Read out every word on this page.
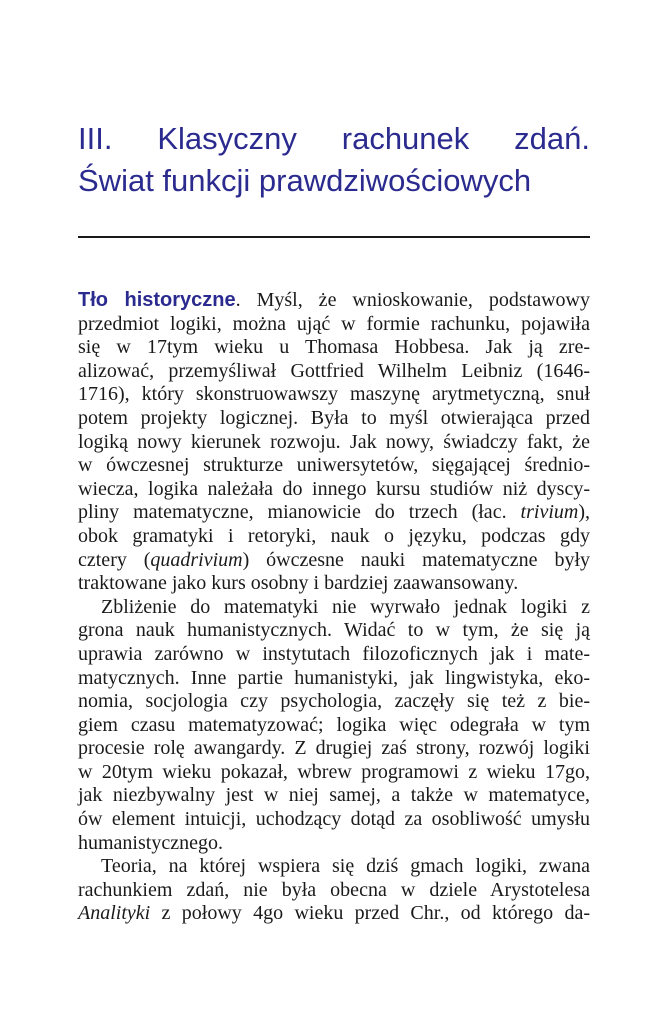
III. Klasyczny rachunek zdań.
Świat funkcji prawdziwościowych
Tło historyczne. Myśl, że wnioskowanie, podstawowy
przedmiot logiki, można ująć w formie rachunku, pojawiła
się w 17tym wieku u Thomasa Hobbesa. Jak ją zre-
alizować, przemyśliwał Gottfried Wilhelm Leibniz (1646-
1716), który skonstruowawszy maszynę arytmetyczną, snuł
potem projekty logicznej. Była to myśl otwierająca przed
logiką nowy kierunek rozwoju. Jak nowy, świadczy fakt, że
w ówczesnej strukturze uniwersytetów, sięgającej średnio-
wiecza, logika należała do innego kursu studiów niż dyscy-
pliny matematyczne, mianowicie do trzech (łac. trivium),
obok gramatyki i retoryki, nauk o języku, podczas gdy
cztery (quadrivium) ówczesne nauki matematyczne były
traktowane jako kurs osobny i bardziej zaawansowany.
Zbliżenie do matematyki nie wyrwało jednak logiki z
grona nauk humanistycznych. Widać to w tym, że się ją
uprawia zarówno w instytutach filozoficznych jak i mate-
matycznych. Inne partie humanistyki, jak lingwistyka, eko-
nomia, socjologia czy psychologia, zaczęły się też z bie-
giem czasu matematyzować; logika więc odegrała w tym
procesie rolę awangardy. Z drugiej zaś strony, rozwój logiki
w 20tym wieku pokazał, wbrew programowi z wieku 17go,
jak niezbywalny jest w niej samej, a także w matematyce,
ów element intuicji, uchodzący dotąd za osobliwość umysłu
humanistycznego.
Teoria, na której wspiera się dziś gmach logiki, zwana
rachunkiem zdań, nie była obecna w dziele Arystotelesa
Analityki z połowy 4go wieku przed Chr., od którego da-
